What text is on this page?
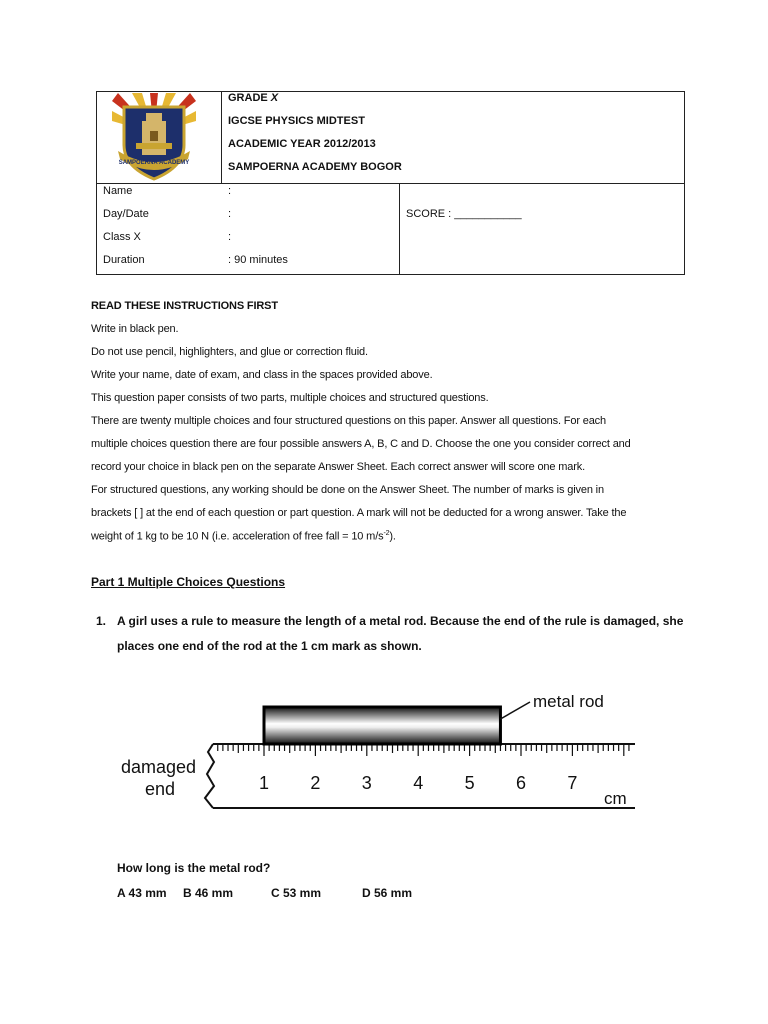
SAMPOERNA ACADEMY
GRADE X
IGCSE PHYSICS MIDTEST
ACADEMIC YEAR 2012/2013
SAMPOERNA ACADEMY BOGOR
Name	:
Day/Date	:
Class X	:
Duration	: 90 minutes
SCORE : ___________
READ THESE INSTRUCTIONS FIRST
Write in black pen.
Do not use pencil, highlighters, and glue or correction fluid.
Write your name, date of exam, and class in the spaces provided above.
This question paper consists of two parts, multiple choices and structured questions.
There are twenty multiple choices and four structured questions on this paper. Answer all questions. For each
multiple choices question there are four possible answers A, B, C and D. Choose the one you consider correct and
record your choice in black pen on the separate Answer Sheet. Each correct answer will score one mark.
For structured questions, any working should be done on the Answer Sheet. The number of marks is given in
brackets [ ] at the end of each question or part question. A mark will not be deducted for a wrong answer. Take the
weight of 1 kg to be 10 N (i.e. acceleration of free fall = 10 $m/s^{-2}$).
Part 1 Multiple Choices Questions
1. A girl uses a rule to measure the length of a metal rod. Because the end of the rule is damaged, she
places one end of the rod at the 1 cm mark as shown.
1 2 3 4 5 6 7
metal rod
damaged
end	cm
How long is the metal rod?
A 43 mm B 46 mm	C 53 mm	D 56 mm
